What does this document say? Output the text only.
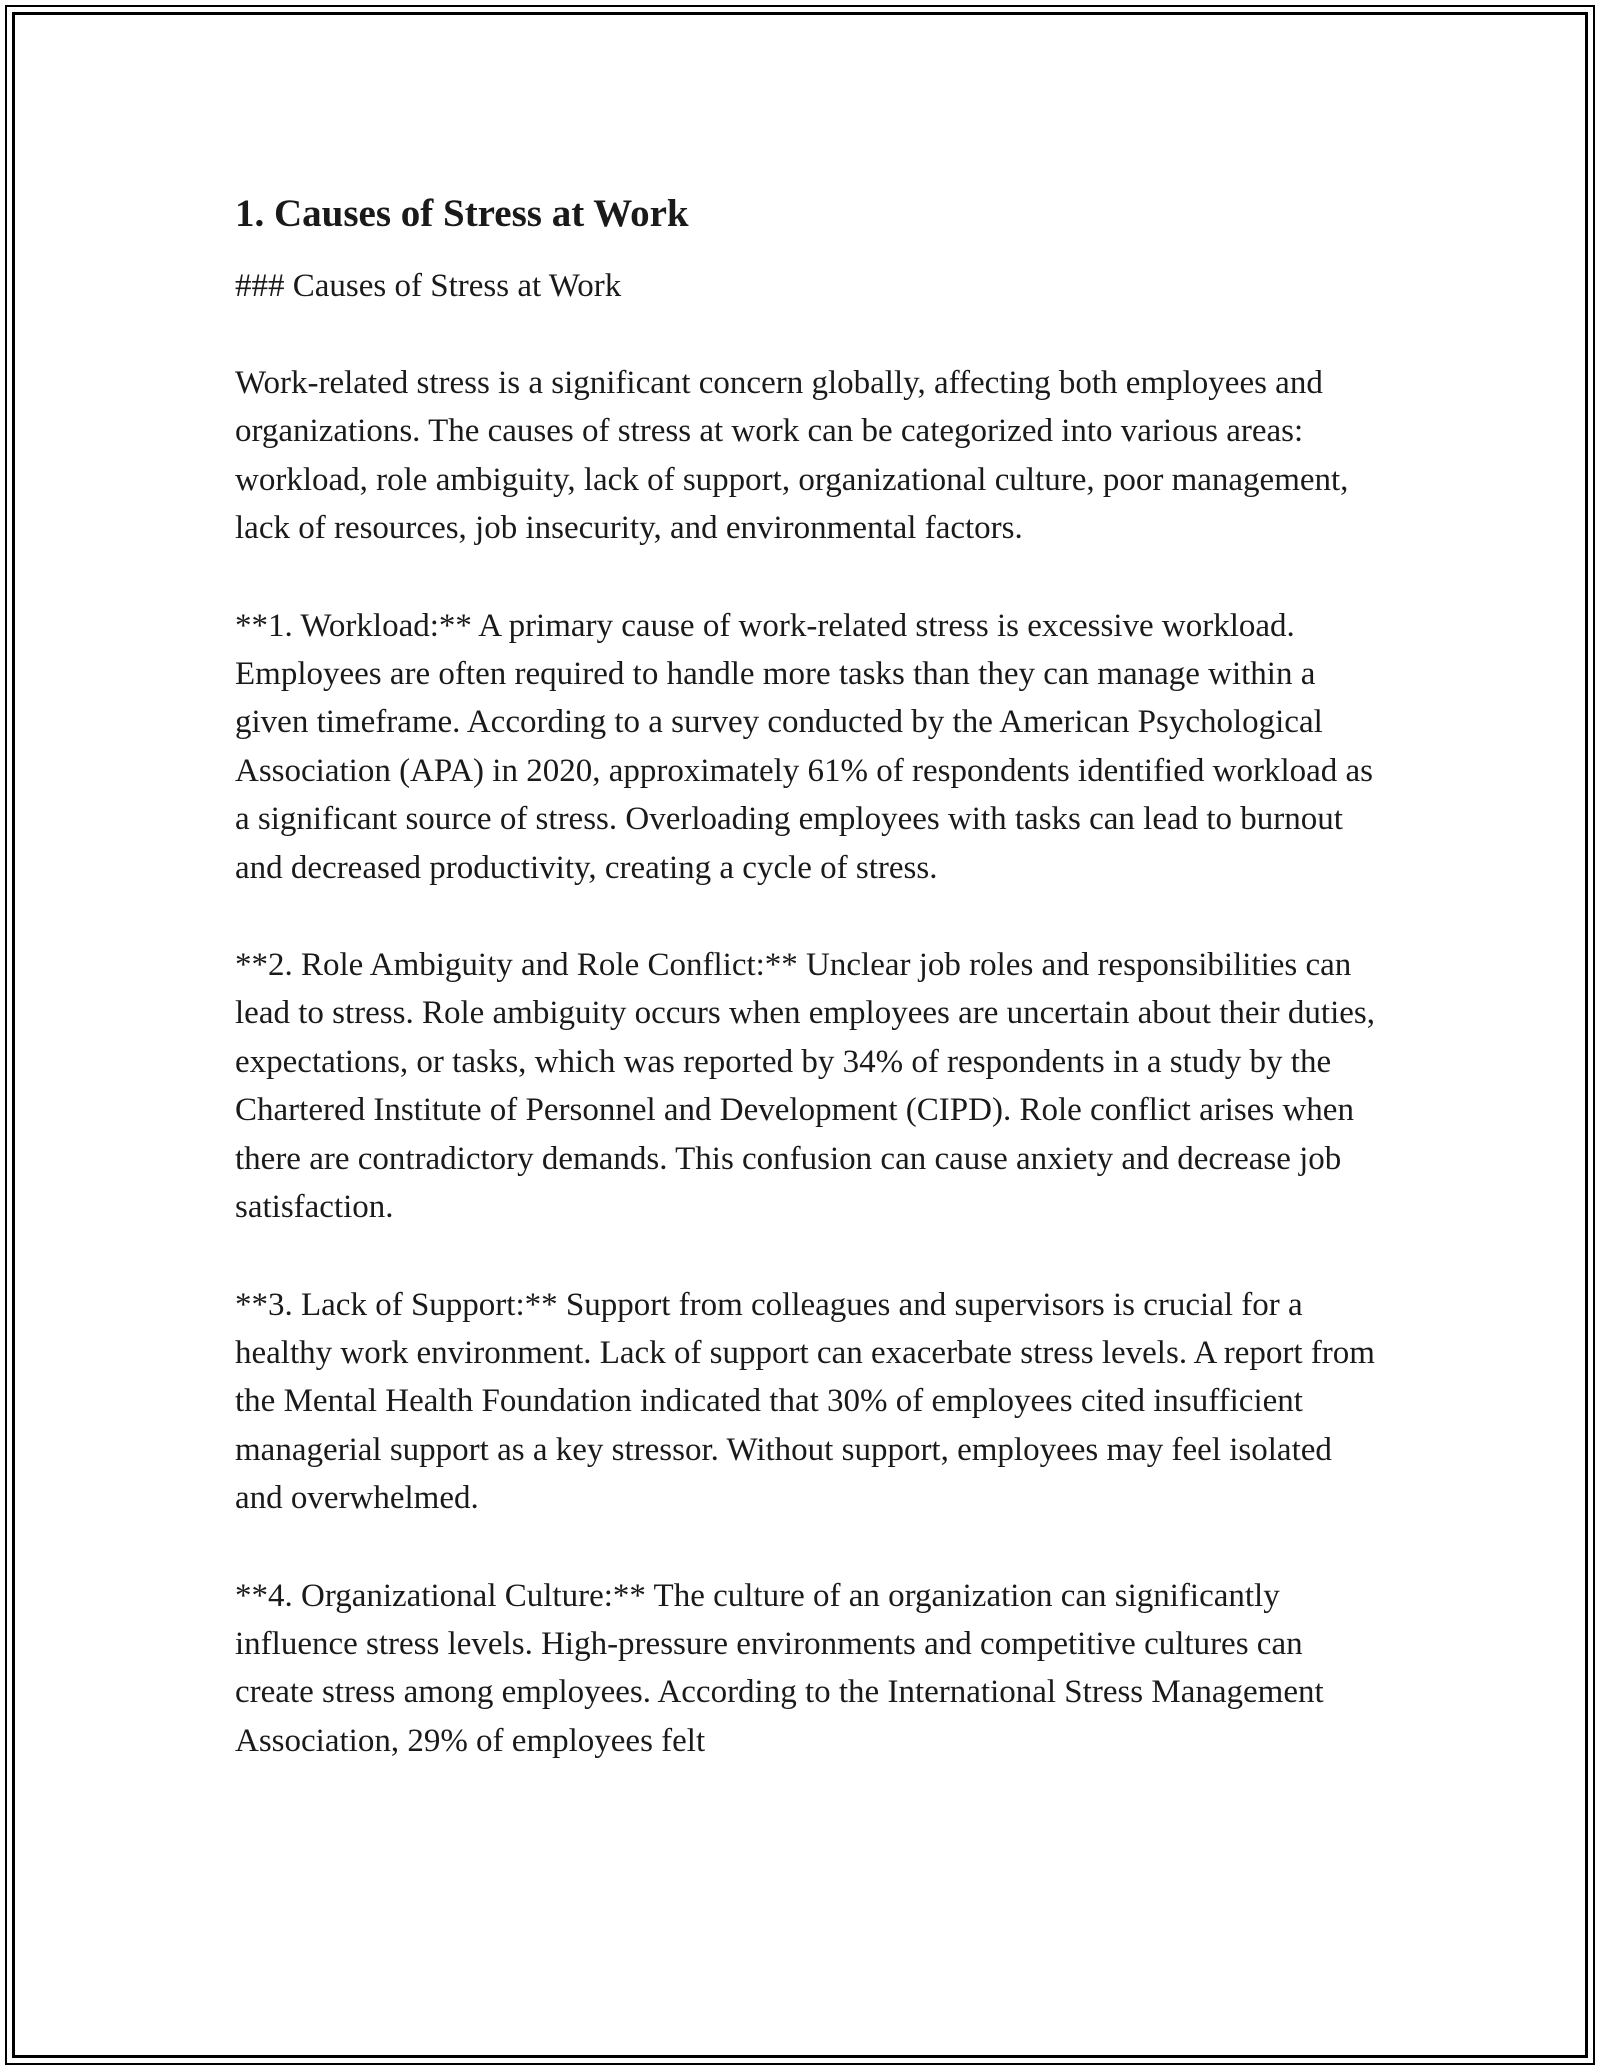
1. Causes of Stress at Work

### Causes of Stress at Work

Work-related stress is a significant concern globally, affecting both employees and organizations. The causes of stress at work can be categorized into various areas: workload, role ambiguity, lack of support, organizational culture, poor management, lack of resources, job insecurity, and environmental factors.

**1. Workload:** A primary cause of work-related stress is excessive workload. Employees are often required to handle more tasks than they can manage within a given timeframe. According to a survey conducted by the American Psychological Association (APA) in 2020, approximately 61% of respondents identified workload as a significant source of stress. Overloading employees with tasks can lead to burnout and decreased productivity, creating a cycle of stress.

**2. Role Ambiguity and Role Conflict:** Unclear job roles and responsibilities can lead to stress. Role ambiguity occurs when employees are uncertain about their duties, expectations, or tasks, which was reported by 34% of respondents in a study by the Chartered Institute of Personnel and Development (CIPD). Role conflict arises when there are contradictory demands. This confusion can cause anxiety and decrease job satisfaction.

**3. Lack of Support:** Support from colleagues and supervisors is crucial for a healthy work environment. Lack of support can exacerbate stress levels. A report from the Mental Health Foundation indicated that 30% of employees cited insufficient managerial support as a key stressor. Without support, employees may feel isolated and overwhelmed.

**4. Organizational Culture:** The culture of an organization can significantly influence stress levels. High-pressure environments and competitive cultures can create stress among employees. According to the International Stress Management Association, 29% of employees felt
